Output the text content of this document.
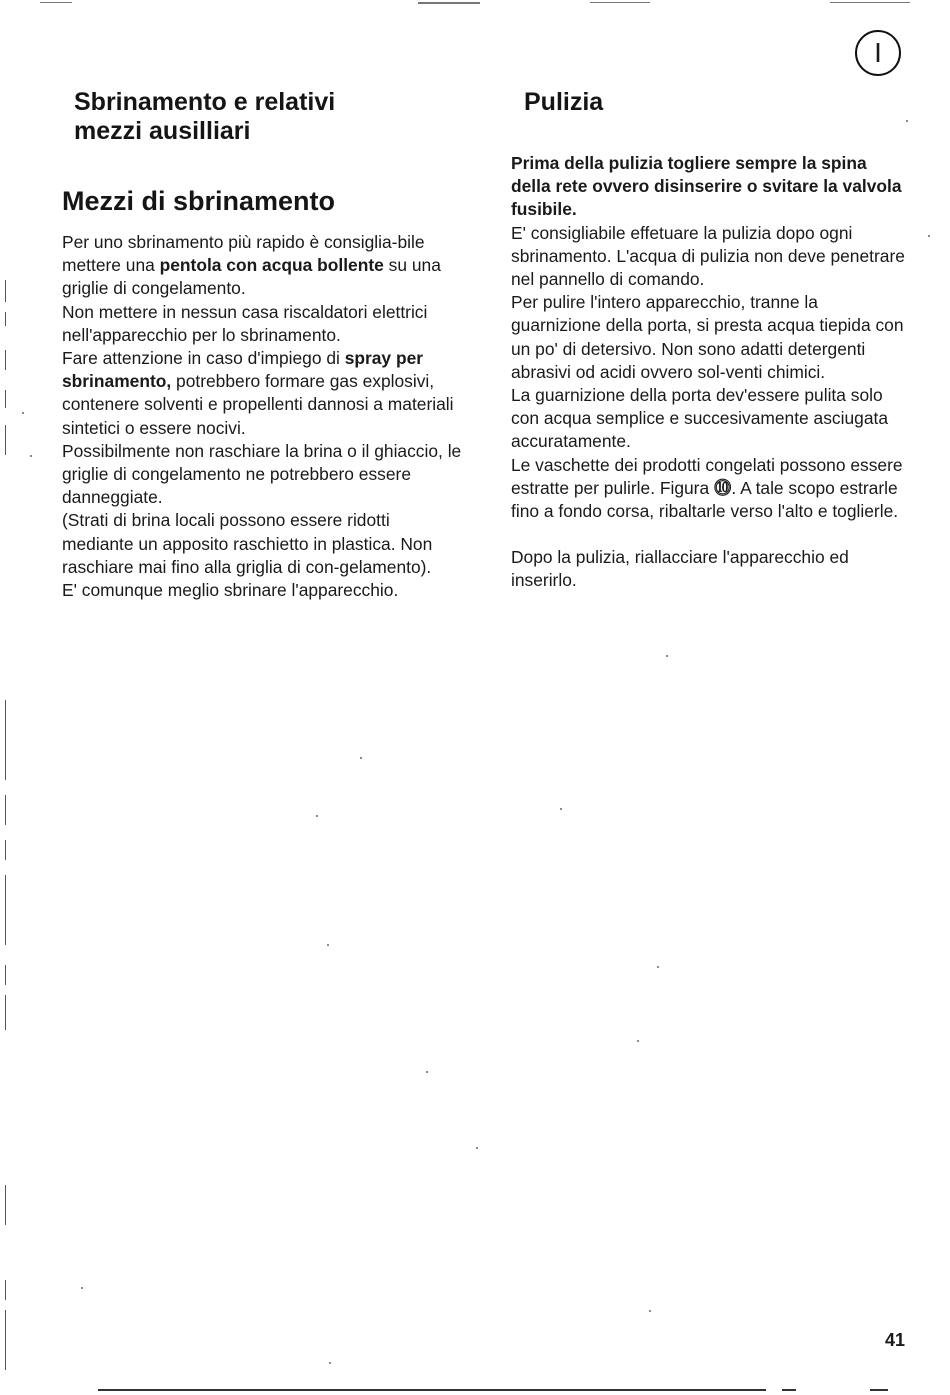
I
Sbrinamento e relativi
mezzi ausilliari
Mezzi di sbrinamento

Per uno sbrinamento più rapido è consiglia-bile mettere una pentola con acqua bollente su una griglie di congelamento.

Non mettere in nessun casa riscaldatori elettrici nell'apparecchio per lo sbrinamento.

Fare attenzione in caso d'impiego di spray per sbrinamento, potrebbero formare gas explosivi, contenere solventi e propellenti dannosi a materiali sintetici o essere nocivi.

Possibilmente non raschiare la brina o il ghiaccio, le griglie di congelamento ne potrebbero essere danneggiate.

(Strati di brina locali possono essere ridotti mediante un apposito raschietto in plastica. Non raschiare mai fino alla griglia di con-gelamento).

E' comunque meglio sbrinare l'apparecchio.

Pulizia

Prima della pulizia togliere sempre la spina della rete ovvero disinserire o svitare la valvola fusibile.

E' consigliabile effetuare la pulizia dopo ogni sbrinamento. L'acqua di pulizia non deve penetrare nel pannello di comando.

Per pulire l'intero apparecchio, tranne la guarnizione della porta, si presta acqua tiepida con un po' di detersivo. Non sono adatti detergenti abrasivi od acidi ovvero sol-venti chimici.

La guarnizione della porta dev'essere pulita solo con acqua semplice e succesivamente asciugata accuratamente.

Le vaschette dei prodotti congelati possono essere estratte per pulirle. Figura ⓾. A tale scopo estrarle fino a fondo corsa, ribaltarle verso l'alto e toglierle.

Dopo la pulizia, riallacciare l'apparecchio ed inserirlo.

41
